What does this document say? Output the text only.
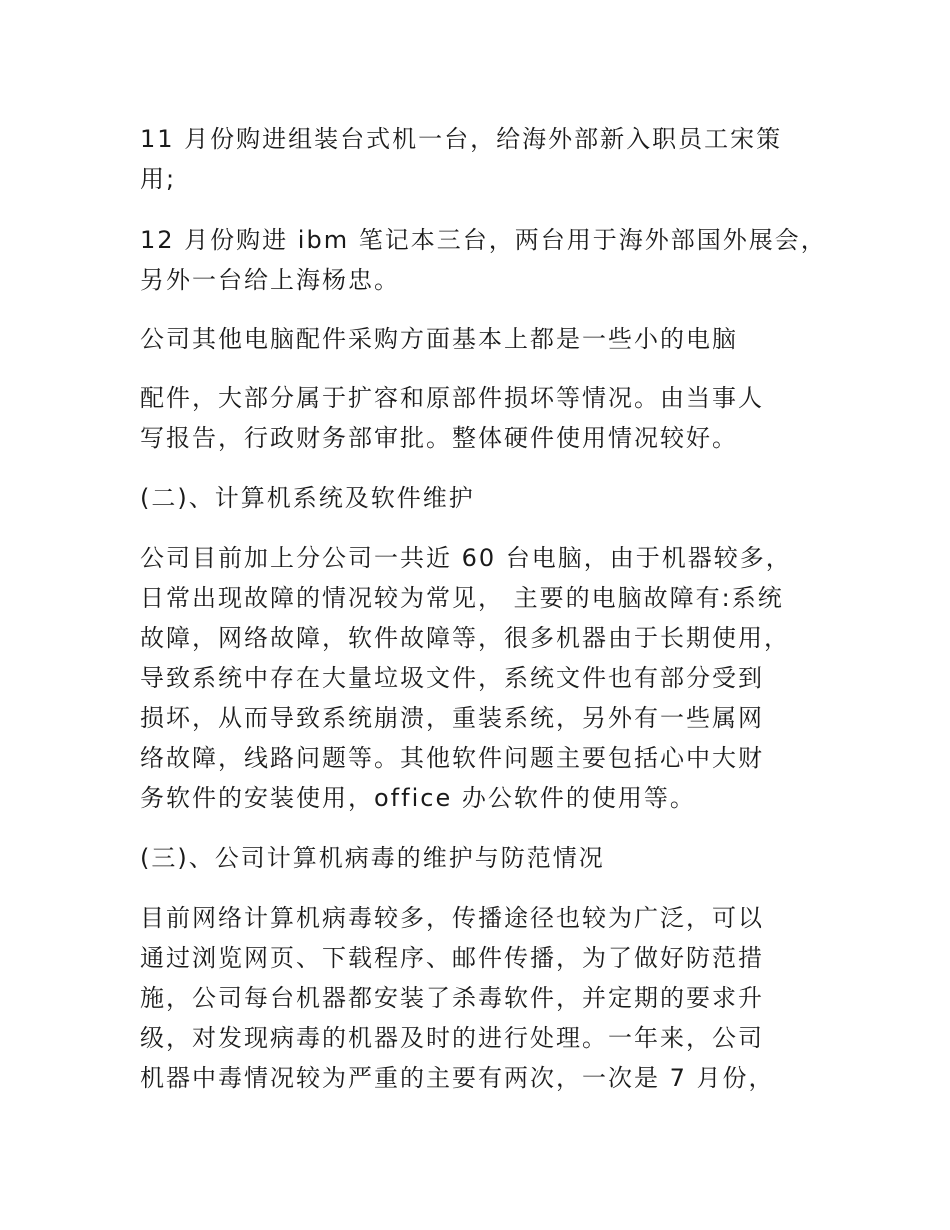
11 月份购进组装台式机一台，给海外部新入职员工宋策

用;

12 月份购进 ibm 笔记本三台，两台用于海外部国外展会，

另外一台给上海杨忠。

公司其他电脑配件采购方面基本上都是一些小的电脑

配件，大部分属于扩容和原部件损坏等情况。由当事人

写报告，行政财务部审批。整体硬件使用情况较好。

(二)、计算机系统及软件维护

公司目前加上分公司一共近 60 台电脑，由于机器较多，

日常出现故障的情况较为常见， 主要的电脑故障有:系统

故障，网络故障，软件故障等，很多机器由于长期使用，

导致系统中存在大量垃圾文件，系统文件也有部分受到

损坏，从而导致系统崩溃，重装系统，另外有一些属网

络故障，线路问题等。其他软件问题主要包括心中大财

务软件的安装使用，office 办公软件的使用等。

(三)、公司计算机病毒的维护与防范情况

目前网络计算机病毒较多，传播途径也较为广泛，可以

通过浏览网页、下载程序、邮件传播，为了做好防范措

施，公司每台机器都安装了杀毒软件，并定期的要求升

级，对发现病毒的机器及时的进行处理。一年来，公司

机器中毒情况较为严重的主要有两次，一次是 7 月份，
